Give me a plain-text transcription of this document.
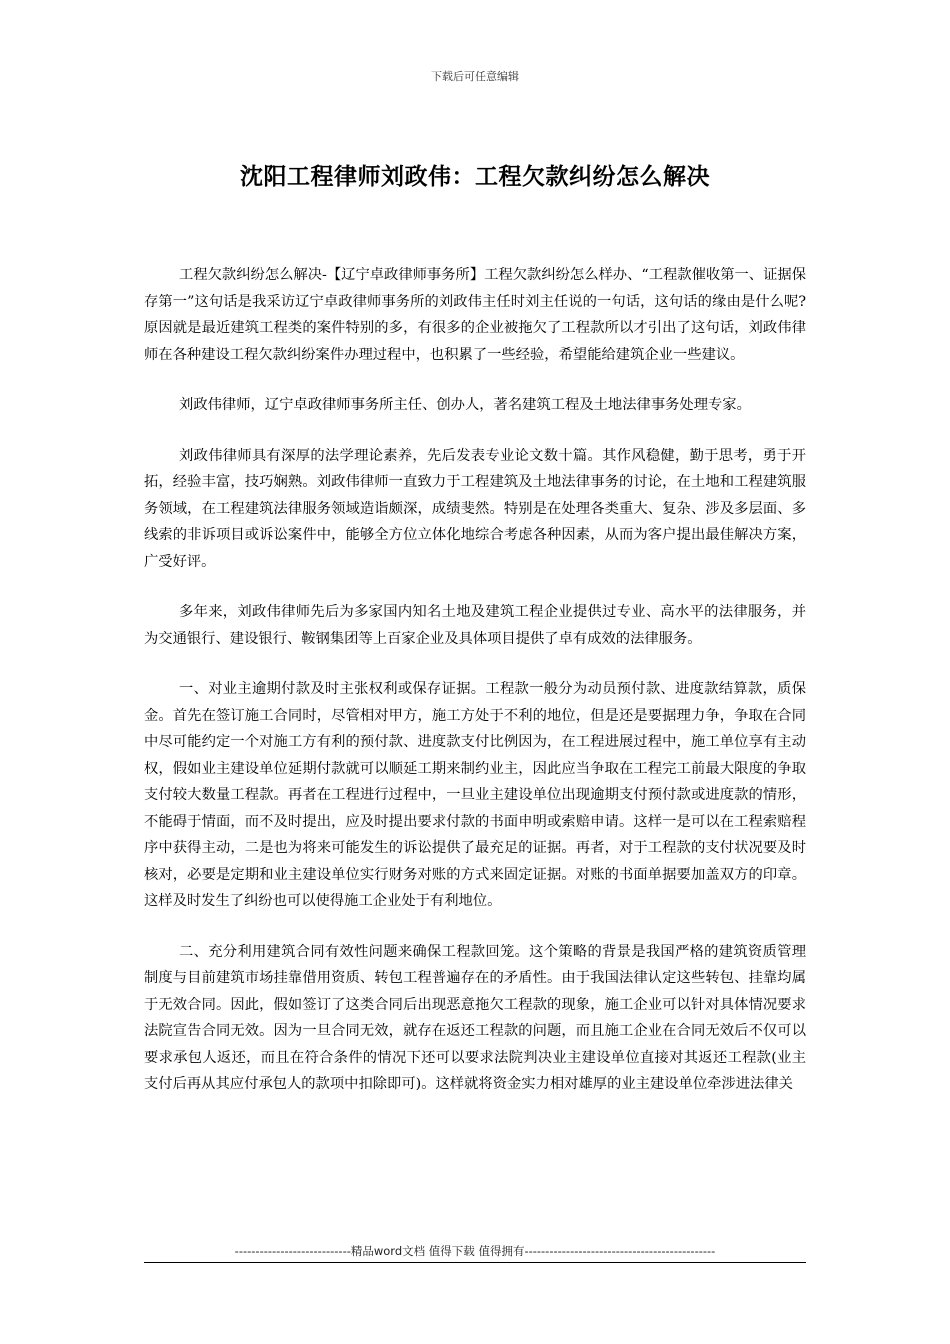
下载后可任意编辑
沈阳工程律师刘政伟：工程欠款纠纷怎么解决

工程欠款纠纷怎么解决-【辽宁卓政律师事务所】工程欠款纠纷怎么样办、“工程款催收第一、证据保存第一”这句话是我采访辽宁卓政律师事务所的刘政伟主任时刘主任说的一句话，这句话的缘由是什么呢?原因就是最近建筑工程类的案件特别的多，有很多的企业被拖欠了工程款所以才引出了这句话，刘政伟律师在各种建设工程欠款纠纷案件办理过程中，也积累了一些经验，希望能给建筑企业一些建议。

刘政伟律师，辽宁卓政律师事务所主任、创办人，著名建筑工程及土地法律事务处理专家。

刘政伟律师具有深厚的法学理论素养，先后发表专业论文数十篇。其作风稳健，勤于思考，勇于开拓，经验丰富，技巧娴熟。刘政伟律师一直致力于工程建筑及土地法律事务的讨论，在土地和工程建筑服务领域，在工程建筑法律服务领域造诣颇深，成绩斐然。特别是在处理各类重大、复杂、涉及多层面、多线索的非诉项目或诉讼案件中，能够全方位立体化地综合考虑各种因素，从而为客户提出最佳解决方案，广受好评。

多年来，刘政伟律师先后为多家国内知名土地及建筑工程企业提供过专业、高水平的法律服务，并为交通银行、建设银行、鞍钢集团等上百家企业及具体项目提供了卓有成效的法律服务。

一、对业主逾期付款及时主张权利或保存证据。工程款一般分为动员预付款、进度款结算款，质保金。首先在签订施工合同时，尽管相对甲方，施工方处于不利的地位，但是还是要据理力争，争取在合同中尽可能约定一个对施工方有利的预付款、进度款支付比例因为，在工程进展过程中，施工单位享有主动权，假如业主建设单位延期付款就可以顺延工期来制约业主，因此应当争取在工程完工前最大限度的争取支付较大数量工程款。再者在工程进行过程中，一旦业主建设单位出现逾期支付预付款或进度款的情形，不能碍于情面，而不及时提出，应及时提出要求付款的书面申明或索赔申请。这样一是可以在工程索赔程序中获得主动，二是也为将来可能发生的诉讼提供了最充足的证据。再者，对于工程款的支付状况要及时核对，必要是定期和业主建设单位实行财务对账的方式来固定证据。对账的书面单据要加盖双方的印章。这样及时发生了纠纷也可以使得施工企业处于有利地位。

二、充分利用建筑合同有效性问题来确保工程款回笼。这个策略的背景是我国严格的建筑资质管理制度与目前建筑市场挂靠借用资质、转包工程普遍存在的矛盾性。由于我国法律认定这些转包、挂靠均属于无效合同。因此，假如签订了这类合同后出现恶意拖欠工程款的现象，施工企业可以针对具体情况要求法院宣告合同无效。因为一旦合同无效，就存在返还工程款的问题，而且施工企业在合同无效后不仅可以要求承包人返还，而且在符合条件的情况下还可以要求法院判决业主建设单位直接对其返还工程款(业主支付后再从其应付承包人的款项中扣除即可)。这样就将资金实力相对雄厚的业主建设单位牵涉进法律关

----------------------------精品word文档 值得下载 值得拥有----------------------------------------------
